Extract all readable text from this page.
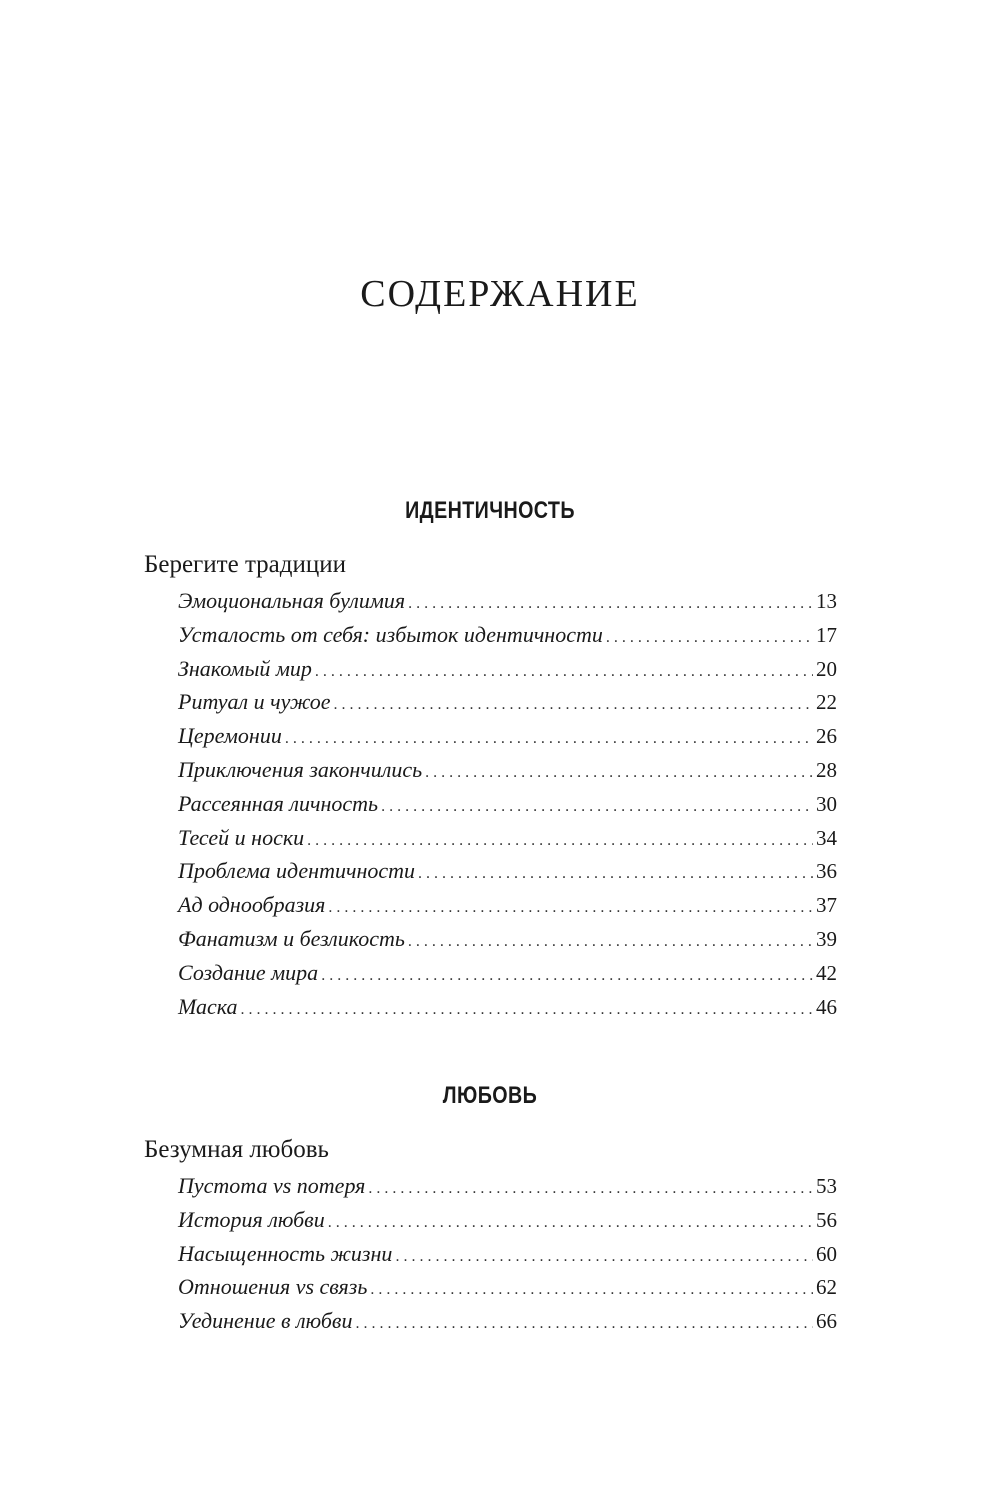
СОДЕРЖАНИЕ
ИДЕНТИЧНОСТЬ
Берегите традиции
Эмоциональная булимия . . .	13
Усталость от себя: избыток идентичности . . .	17
Знакомый мир . . .	20
Ритуал и чужое . . .	22
Церемонии . . .	26
Приключения закончились . . .	28
Рассеянная личность . . .	30
Тесей и носки . . .	34
Проблема идентичности . . .	36
Ад однообразия . . .	37
Фанатизм и безликость . . .	39
Создание мира . . .	42
Маска . . .	46
ЛЮБОВЬ
Безумная любовь
Пустота vs потеря . . .	53
История любви . . .	56
Насыщенность жизни . . .	60
Отношения vs связь . . .	62
Уединение в любви . . .	66
